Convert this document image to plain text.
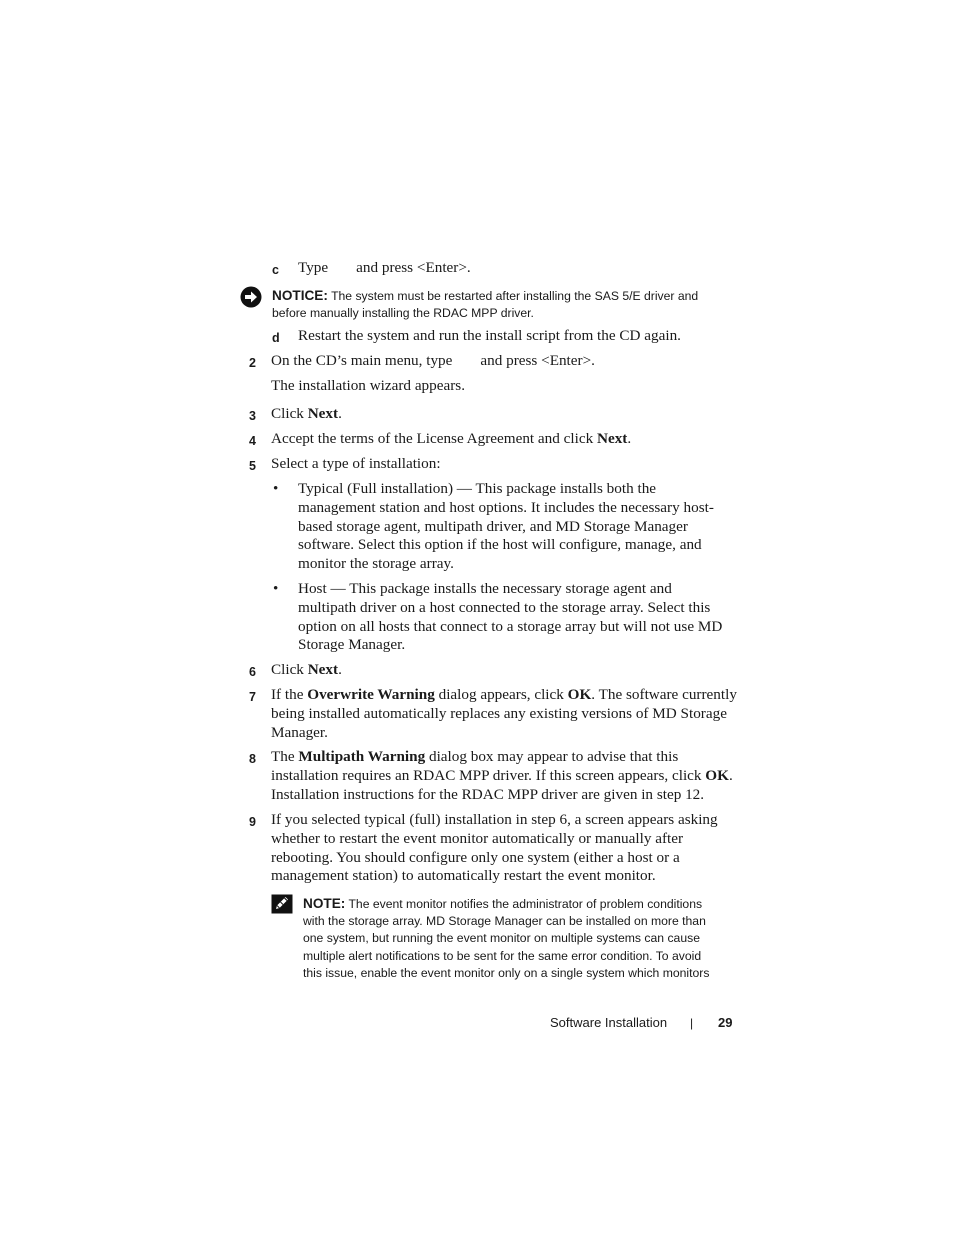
c Type and press <Enter>.
NOTICE: The system must be restarted after installing the SAS 5/E driver and
before manually installing the RDAC MPP driver.
d Restart the system and run the install script from the CD again.
2 On the CD’s main menu, type and press <Enter>.
The installation wizard appears.
3 Click Next.
4 Accept the terms of the License Agreement and click Next.
5 Select a type of installation:
• Typical (Full installation) — This package installs both the
management station and host options. It includes the necessary host-
based storage agent, multipath driver, and MD Storage Manager
software. Select this option if the host will configure, manage, and
monitor the storage array.
• Host — This package installs the necessary storage agent and
multipath driver on a host connected to the storage array. Select this
option on all hosts that connect to a storage array but will not use MD
Storage Manager.
6 Click Next.
7 If the Overwrite Warning dialog appears, click OK. The software currently
being installed automatically replaces any existing versions of MD Storage
Manager.
8 The Multipath Warning dialog box may appear to advise that this
installation requires an RDAC MPP driver. If this screen appears, click OK.
Installation instructions for the RDAC MPP driver are given in step 12.
9 If you selected typical (full) installation in step 6, a screen appears asking
whether to restart the event monitor automatically or manually after
rebooting. You should configure only one system (either a host or a
management station) to automatically restart the event monitor.
NOTE: The event monitor notifies the administrator of problem conditions
with the storage array. MD Storage Manager can be installed on more than
one system, but running the event monitor on multiple systems can cause
multiple alert notifications to be sent for the same error condition. To avoid
this issue, enable the event monitor only on a single system which monitors
Software Installation | 29
